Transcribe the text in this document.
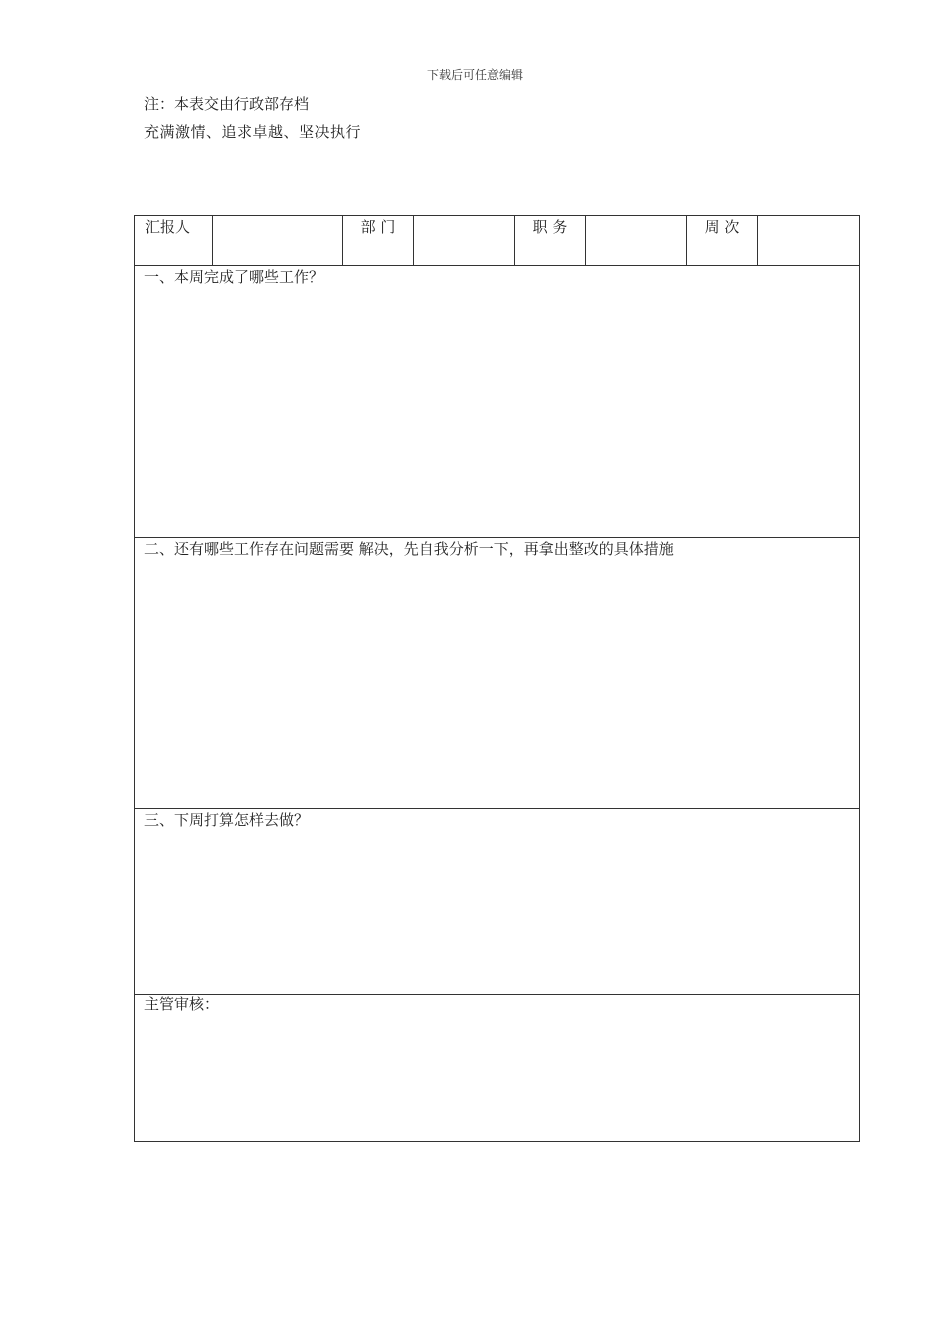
下载后可任意编辑
注：本表交由行政部存档
充满激情、追求卓越、坚决执行
汇报人		部 门		职 务		周 次	

一、本周完成了哪些工作？

二、还有哪些工作存在问题需要 解决，先自我分析一下，再拿出整改的具体措施

三、下周打算怎样去做？

主管审核：
